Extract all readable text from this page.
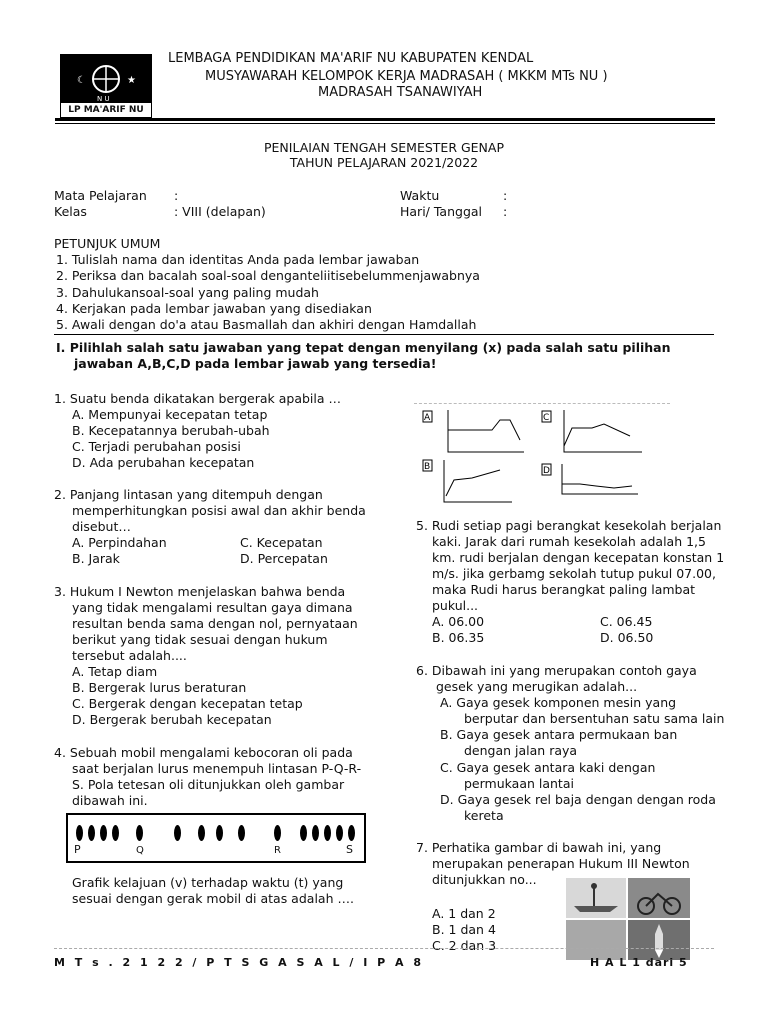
☾	★
N U
LP MA'ARIF NU
LEMBAGA PENDIDIKAN MA'ARIF NU KABUPATEN KENDAL
MUSYAWARAH KELOMPOK KERJA MADRASAH ( MKKM MTs NU )
MADRASAH TSANAWIYAH
PENILAIAN TENGAH SEMESTER GENAP
TAHUN PELAJARAN 2021/2022
Mata Pelajaran :
Kelas	: VIII (delapan)
Waktu	:
Hari/ Tanggal :
PETUNJUK UMUM
1. Tulislah nama dan identitas Anda pada lembar jawaban
2. Periksa dan bacalah soal-soal denganteliitisebelummenjawabnya
3. Dahulukansoal-soal yang paling mudah
4. Kerjakan pada lembar jawaban yang disediakan
5. Awali dengan do'a atau Basmallah dan akhiri dengan Hamdallah
I. Pilihlah salah satu jawaban yang tepat dengan menyilang (x) pada salah satu pilihan
jawaban A,B,C,D pada lembar jawab yang tersedia!
1. Suatu benda dikatakan bergerak apabila …
A. Mempunyai kecepatan tetap
B. Kecepatannya berubah-ubah
C. Terjadi perubahan posisi
D. Ada perubahan kecepatan
2. Panjang lintasan yang ditempuh dengan
memperhitungkan posisi awal dan akhir benda
disebut…
A. Perpindahan
B. Jarak
C. Kecepatan
D. Percepatan
3. Hukum I Newton menjelaskan bahwa benda
yang tidak mengalami resultan gaya dimana
resultan benda sama dengan nol, pernyataan
berikut yang tidak sesuai dengan hukum
tersebut adalah....
A. Tetap diam
B. Bergerak lurus beraturan
C. Bergerak dengan kecepatan tetap
D. Bergerak berubah kecepatan
4. Sebuah mobil mengalami kebocoran oli pada
saat berjalan lurus menempuh lintasan P-Q-R-
S. Pola tetesan oli ditunjukkan oleh gambar
dibawah ini.
P	Q	R	S
Grafik kelajuan (v) terhadap waktu (t) yang
sesuai dengan gerak mobil di atas adalah ….
A	C
B	D
5. Rudi setiap pagi berangkat kesekolah berjalan
kaki. Jarak dari rumah kesekolah adalah 1,5
km. rudi berjalan dengan kecepatan konstan 1
m/s. jika gerbamg sekolah tutup pukul 07.00,
maka Rudi harus berangkat paling lambat
pukul...
A. 06.00
B. 06.35
C. 06.45
D. 06.50
6. Dibawah ini yang merupakan contoh gaya
gesek yang merugikan adalah...
A. Gaya gesek komponen mesin yang
berputar dan bersentuhan satu sama lain
B. Gaya gesek antara permukaan ban
dengan jalan raya
C. Gaya gesek antara kaki dengan
permukaan lantai
D. Gaya gesek rel baja dengan dengan roda
kereta
7. Perhatika gambar di bawah ini, yang
merupakan penerapan Hukum III Newton
ditunjukkan no...
A. 1 dan 2
B. 1 dan 4
C. 2 dan 3
M T s . 2 1 2 2 / P T S G A S A L / I P A 8	H A L 1 dari 5
